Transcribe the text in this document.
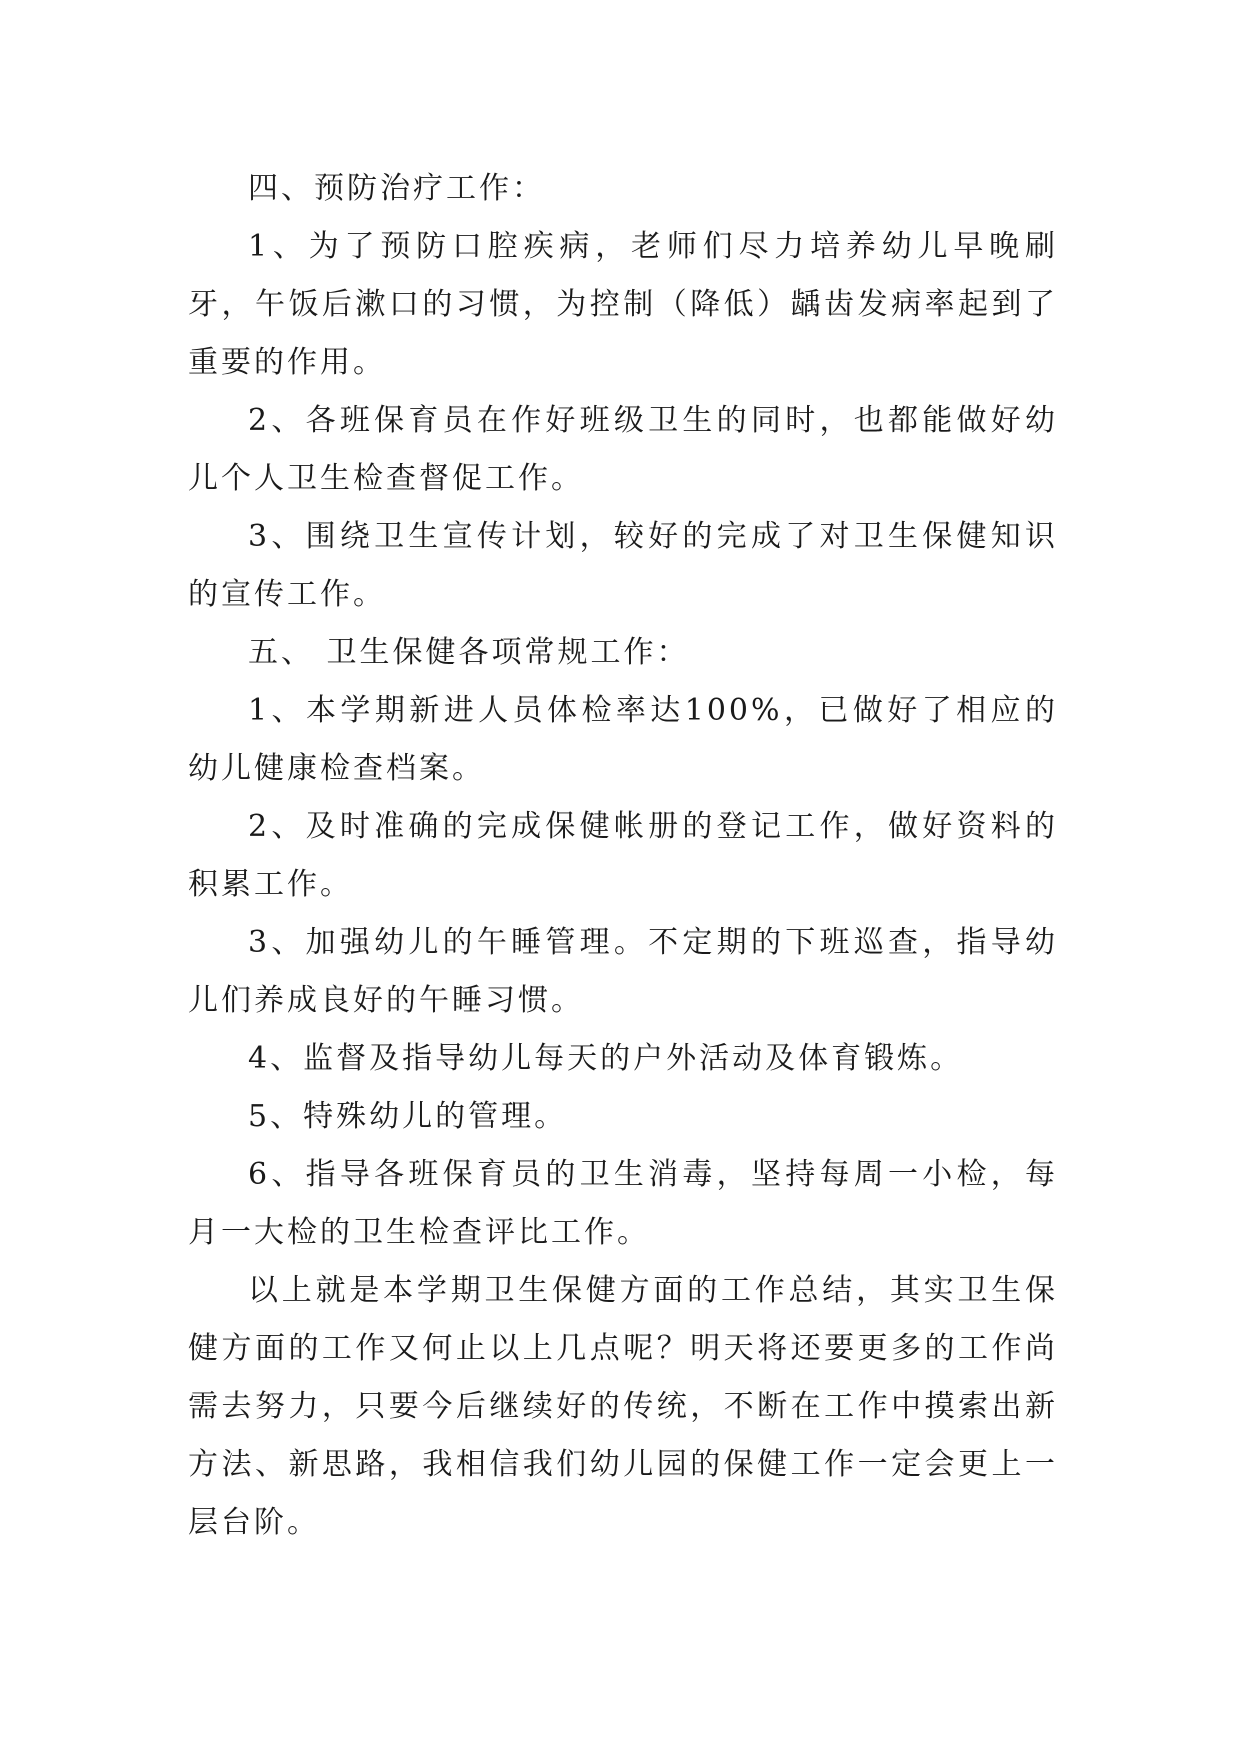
四、预防治疗工作：

1、为了预防口腔疾病，老师们尽力培养幼儿早晚刷牙，午饭后漱口的习惯，为控制（降低）龋齿发病率起到了重要的作用。

2、各班保育员在作好班级卫生的同时，也都能做好幼儿个人卫生检查督促工作。

3、围绕卫生宣传计划，较好的完成了对卫生保健知识的宣传工作。

五、 卫生保健各项常规工作：

1、本学期新进人员体检率达100%，已做好了相应的幼儿健康检查档案。

2、及时准确的完成保健帐册的登记工作，做好资料的积累工作。

3、加强幼儿的午睡管理。不定期的下班巡查，指导幼儿们养成良好的午睡习惯。

4、监督及指导幼儿每天的户外活动及体育锻炼。

5、特殊幼儿的管理。

6、指导各班保育员的卫生消毒，坚持每周一小检，每月一大检的卫生检查评比工作。

以上就是本学期卫生保健方面的工作总结，其实卫生保健方面的工作又何止以上几点呢？明天将还要更多的工作尚需去努力，只要今后继续好的传统，不断在工作中摸索出新方法、新思路，我相信我们幼儿园的保健工作一定会更上一层台阶。
